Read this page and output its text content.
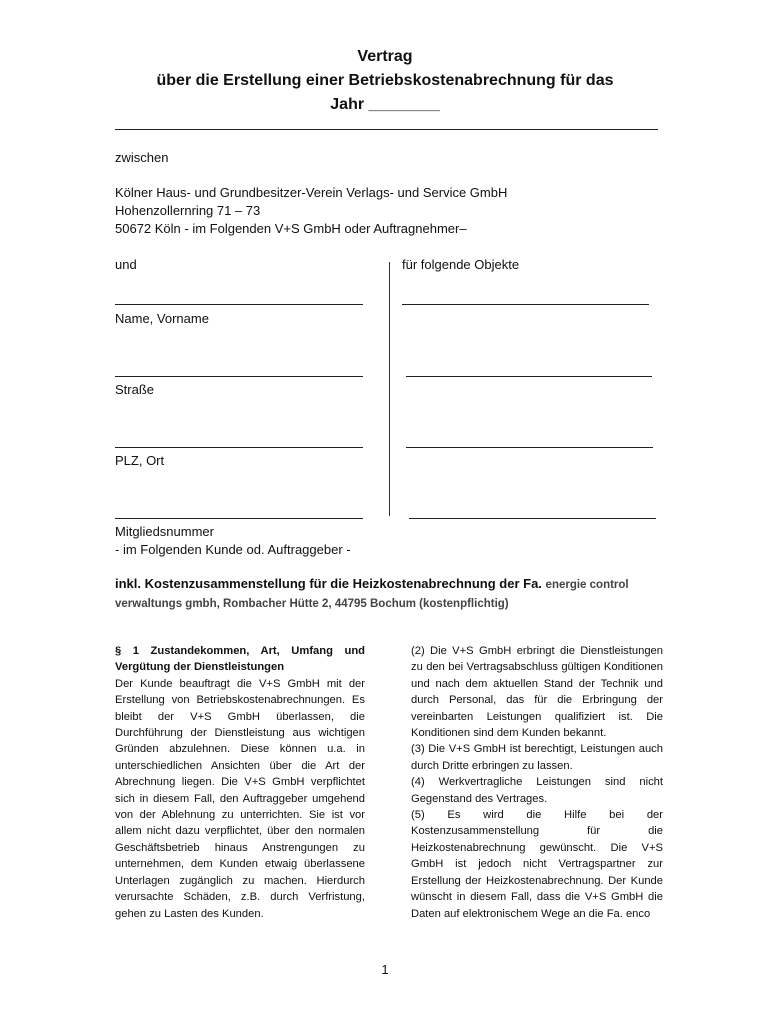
Vertrag
über die Erstellung einer Betriebskostenabrechnung für das
Jahr ________
zwischen
Kölner Haus- und Grundbesitzer-Verein Verlags- und Service GmbH
Hohenzollernring 71 – 73
50672 Köln - im Folgenden V+S GmbH oder Auftragnehmer–
und	für folgende Objekte
Name, Vorname
Straße
PLZ, Ort
Mitgliedsnummer
- im Folgenden Kunde od. Auftraggeber -
inkl. Kostenzusammenstellung für die Heizkostenabrechnung der Fa. energie control
verwaltungs gmbh, Rombacher Hütte 2, 44795 Bochum (kostenpflichtig)

§ 1 Zustandekommen, Art, Umfang und Vergütung der Dienstleistungen

Der Kunde beauftragt die V+S GmbH mit der Erstellung von Betriebskostenabrechnungen. Es bleibt der V+S GmbH überlassen, die Durchführung der Dienstleistung aus wichtigen Gründen abzulehnen. Diese können u.a. in unterschiedlichen Ansichten über die Art der Abrechnung liegen. Die V+S GmbH verpflichtet sich in diesem Fall, den Auftraggeber umgehend von der Ablehnung zu unterrichten. Sie ist vor allem nicht dazu verpflichtet, über den normalen Geschäftsbetrieb hinaus Anstrengungen zu unternehmen, dem Kunden etwaig überlassene Unterlagen zugänglich zu machen. Hierdurch verursachte Schäden, z.B. durch Verfristung, gehen zu Lasten des Kunden.

(2) Die V+S GmbH erbringt die Dienstleistungen zu den bei Vertragsabschluss gültigen Konditionen und nach dem aktuellen Stand der Technik und durch Personal, das für die Erbringung der vereinbarten Leistungen qualifiziert ist. Die Konditionen sind dem Kunden bekannt.

(3) Die V+S GmbH ist berechtigt, Leistungen auch durch Dritte erbringen zu lassen.

(4) Werkvertragliche Leistungen sind nicht Gegenstand des Vertrages.

(5) Es wird die Hilfe bei der Kostenzusammenstellung für die Heizkostenabrechnung gewünscht. Die V+S GmbH ist jedoch nicht Vertragspartner zur Erstellung der Heizkostenabrechnung. Der Kunde wünscht in diesem Fall, dass die V+S GmbH die Daten auf elektronischem Wege an die Fa. enco

1
